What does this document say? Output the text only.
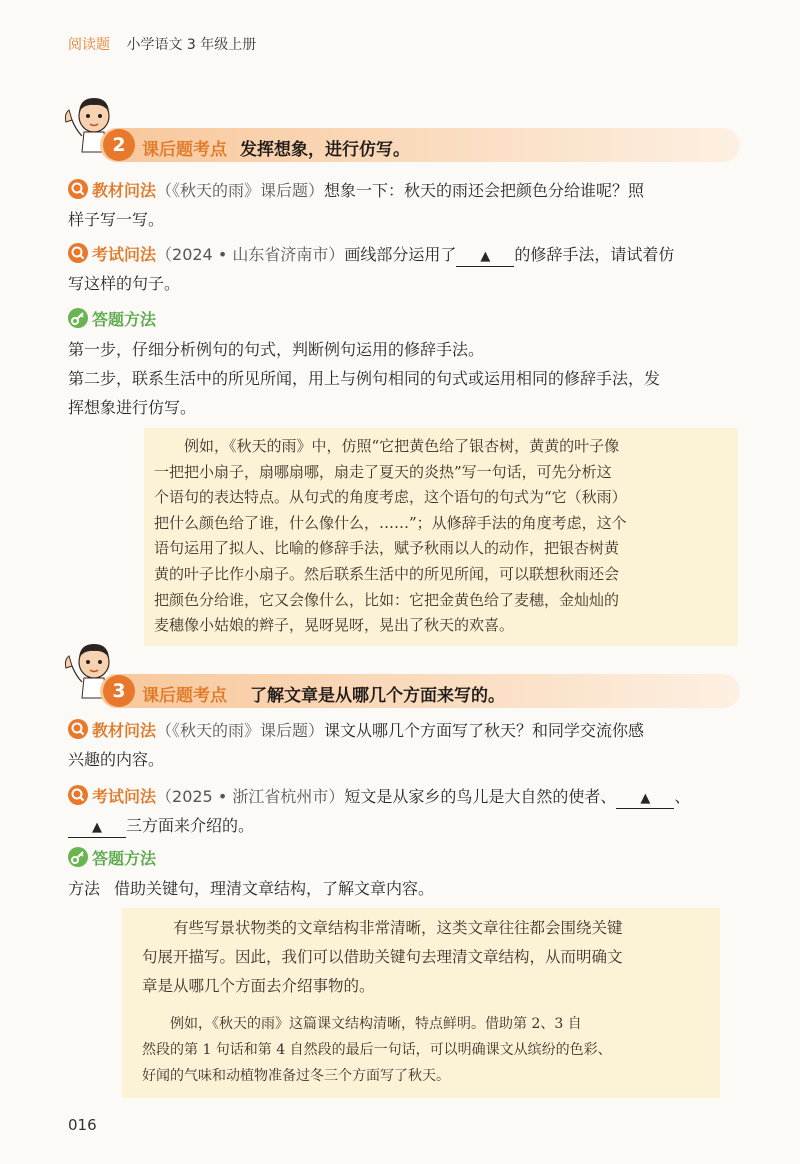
阅读题 小学语文 3 年级上册
2 课后题考点 发挥想象，进行仿写。
教材问法（《秋天的雨》课后题）想象一下：秋天的雨还会把颜色分给谁呢？照
样子写一写。
考试问法（2024 • 山东省济南市）画线部分运用了 ▲ 的修辞手法，请试着仿
写这样的句子。
答题方法
第一步，仔细分析例句的句式，判断例句运用的修辞手法。
第二步，联系生活中的所见所闻，用上与例句相同的句式或运用相同的修辞手法，发
挥想象进行仿写。
例如，《秋天的雨》中，仿照“它把黄色给了银杏树，黄黄的叶子像
一把把小扇子，扇哪扇哪，扇走了夏天的炎热”写一句话，可先分析这
个语句的表达特点。从句式的角度考虑，这个语句的句式为“它（秋雨）
把什么颜色给了谁，什么像什么，……”；从修辞手法的角度考虑，这个
语句运用了拟人、比喻的修辞手法，赋予秋雨以人的动作，把银杏树黄
黄的叶子比作小扇子。然后联系生活中的所见所闻，可以联想秋雨还会
把颜色分给谁，它又会像什么，比如：它把金黄色给了麦穗，金灿灿的
麦穗像小姑娘的辫子，晃呀晃呀，晃出了秋天的欢喜。
3 课后题考点 了解文章是从哪几个方面来写的。
教材问法（《秋天的雨》课后题）课文从哪几个方面写了秋天？和同学交流你感
兴趣的内容。
考试问法（2025 • 浙江省杭州市）短文是从家乡的鸟儿是大自然的使者、 ▲ 、
▲ 三方面来介绍的。
答题方法
方法 借助关键句，理清文章结构，了解文章内容。
有些写景状物类的文章结构非常清晰，这类文章往往都会围绕关键
句展开描写。因此，我们可以借助关键句去理清文章结构，从而明确文
章是从哪几个方面去介绍事物的。
例如，《秋天的雨》这篇课文结构清晰，特点鲜明。借助第 2、3 自
然段的第 1 句话和第 4 自然段的最后一句话，可以明确课文从缤纷的色彩、
好闻的气味和动植物准备过冬三个方面写了秋天。
016
